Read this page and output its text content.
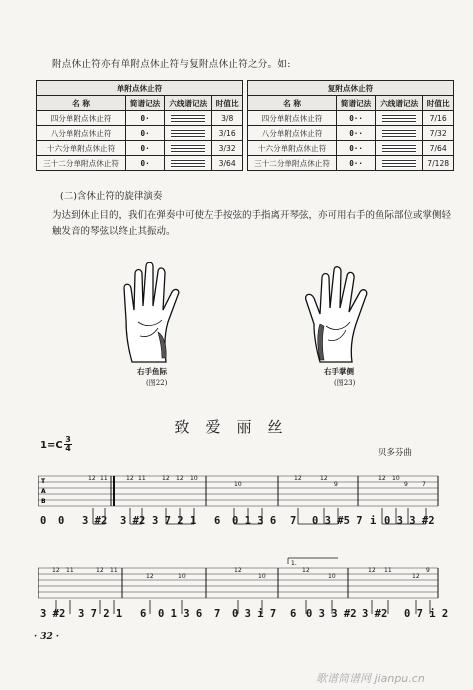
附点休止符亦有单附点休止符与复附点休止符之分。如:
单附点休止符					复附点休止符			
名 称	简谱记法	六线谱记法	时值比		名 称	简谱记法	六线谱记法	时值比
四分单附点休止符	0·		3/8		四分单附点休止符	0··		7/16
八分单附点休止符	0·		3/16		八分单附点休止符	0··		7/32
十六分单附点休止符	0·		3/32		十六分单附点休止符	0··		7/64
三十二分单附点休止符	0·		3/64		三十二分单附点休止符	0··		7/128
(二)含休止符的旋律演奏
为达到休止目的，我们在弹奏中可使左手按弦的手指离开琴弦，亦可用右手的鱼际部位或掌侧轻触发音的琴弦以终止其振动。
右手鱼际
(图22)
右手掌侧
(图23)
致爱丽丝
1=C
3
4	贝多芬曲
T
A
B
12 11	12 11	12 12 10
10
12	12
9
12 10
9 7
0 0 3 #2 3 #2 3 7 2 1 6 0 1 3 6 7 0 3 #5 7 i 0 3 3 #2
1.
12 11	12 11
12	10
12
10
12
10
12 11
12
9
3 #2 3 7 2 1 6 0 1 3 6 7 0 3 i 7 6 0 3 3 #2 3 #2 0 7 i 2
· 32 ·
歌谱简谱网 jianpu.cn
